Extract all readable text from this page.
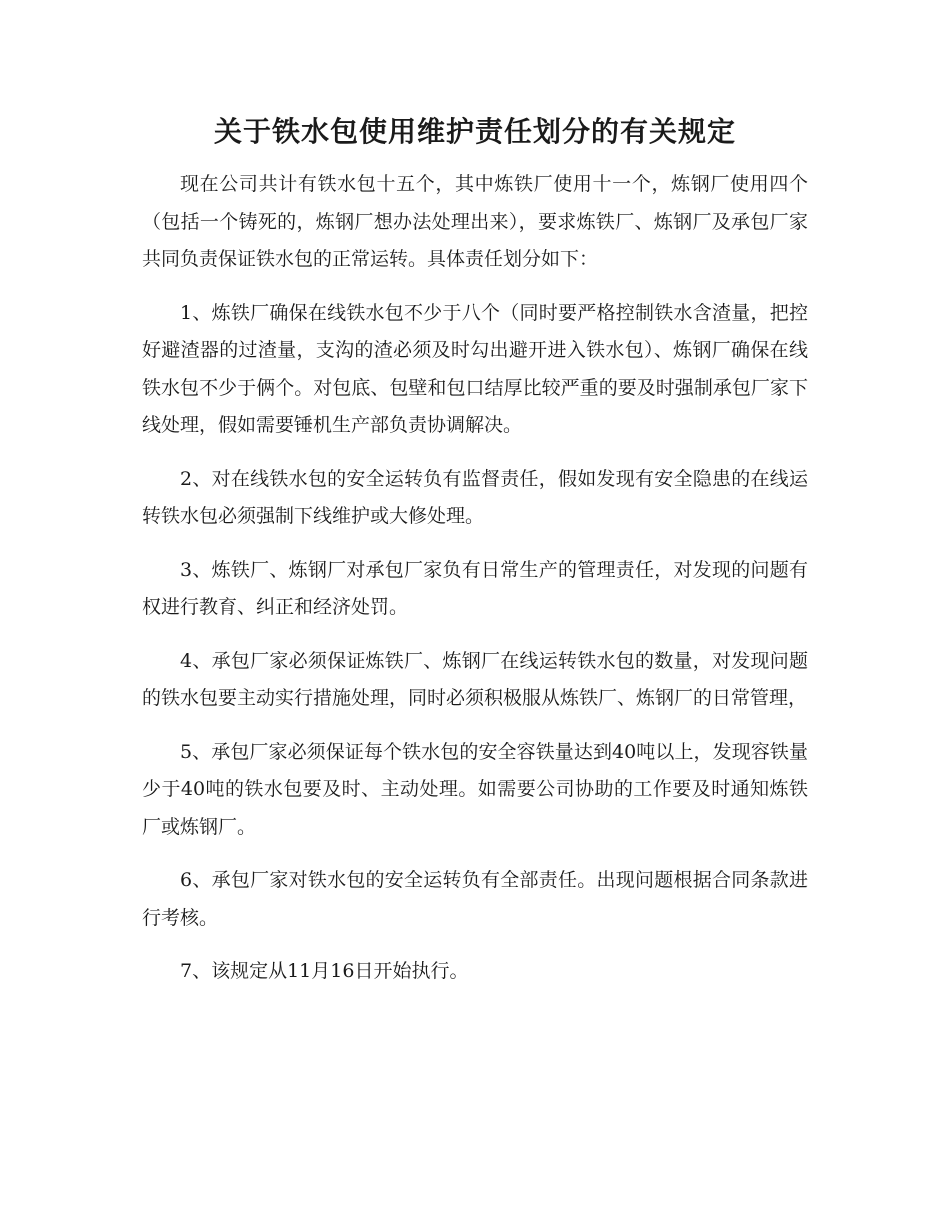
关于铁水包使用维护责任划分的有关规定

现在公司共计有铁水包十五个，其中炼铁厂使用十一个，炼钢厂使用四个（包括一个铸死的，炼钢厂想办法处理出来），要求炼铁厂、炼钢厂及承包厂家共同负责保证铁水包的正常运转。具体责任划分如下：

1、炼铁厂确保在线铁水包不少于八个（同时要严格控制铁水含渣量，把控好避渣器的过渣量，支沟的渣必须及时勾出避开进入铁水包）、炼钢厂确保在线铁水包不少于俩个。对包底、包壁和包口结厚比较严重的要及时强制承包厂家下线处理，假如需要锤机生产部负责协调解决。

2、对在线铁水包的安全运转负有监督责任，假如发现有安全隐患的在线运转铁水包必须强制下线维护或大修处理。

3、炼铁厂、炼钢厂对承包厂家负有日常生产的管理责任，对发现的问题有权进行教育、纠正和经济处罚。

4、承包厂家必须保证炼铁厂、炼钢厂在线运转铁水包的数量，对发现问题的铁水包要主动实行措施处理，同时必须积极服从炼铁厂、炼钢厂的日常管理，

5、承包厂家必须保证每个铁水包的安全容铁量达到40吨以上，发现容铁量少于40吨的铁水包要及时、主动处理。如需要公司协助的工作要及时通知炼铁厂或炼钢厂。

6、承包厂家对铁水包的安全运转负有全部责任。出现问题根据合同条款进行考核。

7、该规定从11月16日开始执行。
